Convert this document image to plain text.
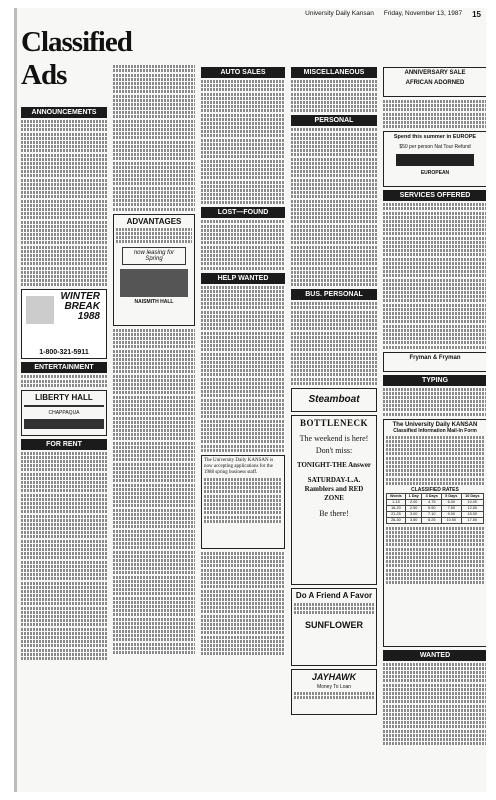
University Daily Kansan Friday, November 13, 1987 15
Classified Ads
ANNOUNCEMENTS
WINTER
BREAK
1988
1-800-321-5911
ENTERTAINMENT
LIBERTY HALL
CHAPPAQUA
FOR RENT
ADVANTAGES
now leasing for Spring
NAISMITH HALL
AUTO SALES
LOST—FOUND
HELP WANTED
The University Daily KANSAN is now accepting applications for the 1988 spring business staff.
MISCELLANEOUS
PERSONAL
BUS. PERSONAL
Steamboat
BOTTLENECK
The weekend is here!
Don't miss:
TONIGHT-THE Answer
SATURDAY-L.A. Ramblers and RED ZONE
Be there!
Do A Friend A Favor
SUNFLOWER
JAYHAWK
Money To Loan
ANNIVERSARY SALE
AFRICAN ADORNED
Spend this summer in EUROPE
$50 per person Nat Tour Refund
EUROPEAN
SERVICES OFFERED
Fryman & Fryman
TYPING
The University Daily KANSAN
Classified Information Mail-In Form
CLASSIFIED RATES
Words	1 Day	3 Days	5 Days	10 Days
1-15	2.00	4.75	6.00	10.00
16-20	2.50	5.90	7.50	12.50
21-25	3.00	7.10	9.00	15.00
26-30	3.50	8.25	10.50	17.50
WANTED
